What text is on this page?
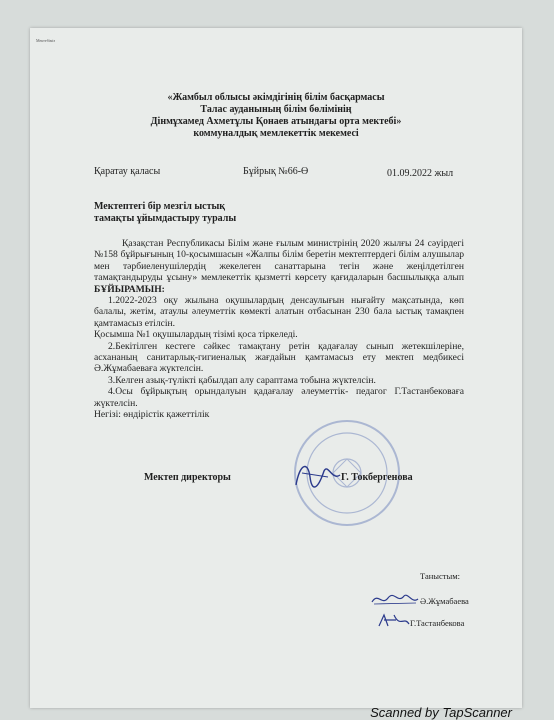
Мектебіміз
«Жамбыл облысы әкімдігінің білім басқармасы
Талас ауданының білім бөлімінің
Дінмұхамед Ахметұлы Қонаев атындағы орта мектебі»
коммуналдық мемлекеттік мекемесі
Қаратау қаласы	Бұйрық №66-Ө	01.09.2022 жыл
Мектептегі бір мезгіл ыстық
тамақты ұйымдастыру туралы

Қазақстан Республикасы Білім және ғылым министрінің 2020 жылғы 24 сәуірдегі №158 бұйрығының 10-қосымшасын «Жалпы білім беретін мектептердегі білім алушылар мен тәрбиеленушілердің жекелеген санаттарына тегін және жеңілдетілген тамақтандыруды ұсыну» мемлекеттік қызметті көрсету қағидаларын басшылыққа алып БҰЙЫРАМЫН:

1.2022-2023 оқу жылына оқушылардың денсаулығын нығайту мақсатында, көп балалы, жетім, атаулы әлеуметтік көмекті алатын отбасынан 230 бала ыстық тамақпен қамтамасыз етілсін.

Қосымша №1 оқушылардың тізімі қоса тіркеледі.

2.Бекітілген кестеге сәйкес тамақтану ретін қадағалау сынып жетекшілеріне, асхананың санитарлық-гигиеналық жағдайын қамтамасыз ету мектеп медбикесі Ә.Жұмабаеваға жүктелсін.

3.Келген азық-түлікті қабылдап алу сараптама тобына жүктелсін.

4.Осы бұйрықтың орындалуын қадағалау әлеуметтік- педагог Г.Тастанбековаға жүктелсін.

Негізі: өндірістік қажеттілік

Мектеп директоры	Г. Токбергенова
Таныстым:
Ә.Жұмабаева
Г.Тастанбекова
Scanned by TapScanner
